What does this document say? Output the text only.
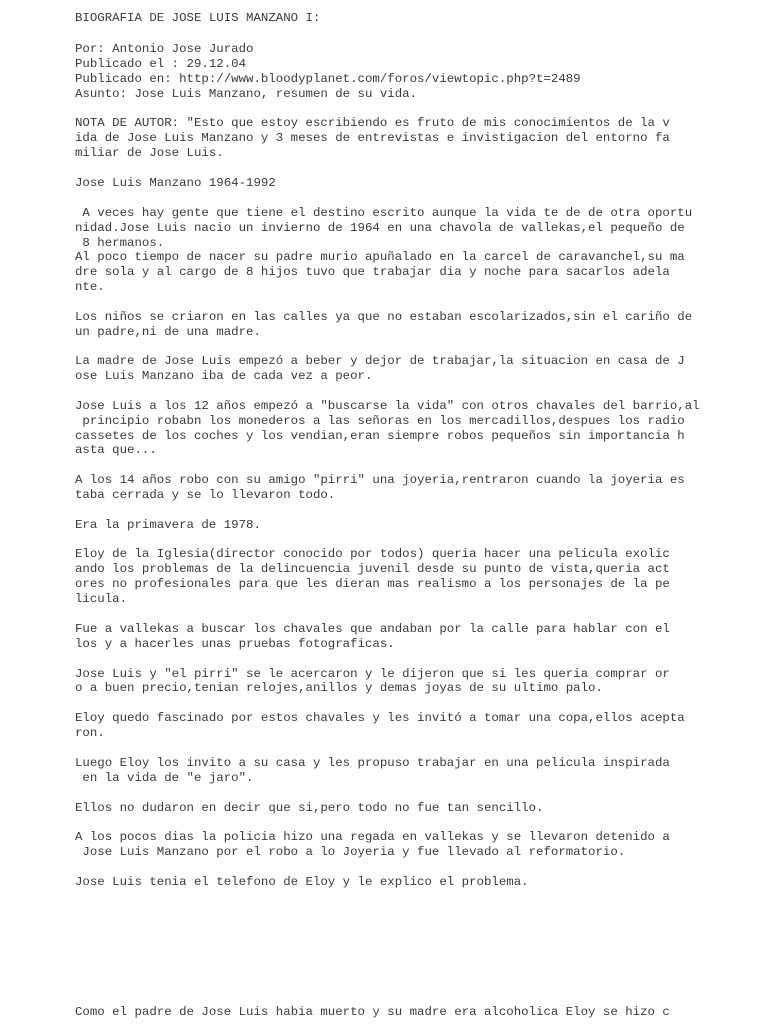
BIOGRAFIA DE JOSE LUIS MANZANO I:

Por: Antonio Jose Jurado

Publicado el : 29.12.04

Publicado en: http://www.bloodyplanet.com/foros/viewtopic.php?t=2489

Asunto: Jose Luis Manzano, resumen de su vida.

NOTA DE AUTOR: "Esto que estoy escribiendo es fruto de mis conocimientos de la v

ida de Jose Luis Manzano y 3 meses de entrevistas e invistigacion del entorno fa

miliar de Jose Luis.

Jose Luis Manzano 1964-1992

A veces hay gente que tiene el destino escrito aunque la vida te de de otra oportu

nidad.Jose Luis nacio un invierno de 1964 en una chavola de vallekas,el pequeño de

8 hermanos.

Al poco tiempo de nacer su padre murio apuñalado en la carcel de caravanchel,su ma

dre sola y al cargo de 8 hijos tuvo que trabajar dia y noche para sacarlos adela

nte.

Los niños se criaron en las calles ya que no estaban escolarizados,sin el cariño de

un padre,ni de una madre.

La madre de Jose Luis empezó a beber y dejor de trabajar,la situacion en casa de J

ose Luis Manzano iba de cada vez a peor.

Jose Luis a los 12 años empezó a "buscarse la vida" con otros chavales del barrio,al

principio robabn los monederos a las señoras en los mercadillos,despues los radio

cassetes de los coches y los vendian,eran siempre robos pequeños sin importancia h

asta que...

A los 14 años robo con su amigo "pirri" una joyeria,rentraron cuando la joyeria es

taba cerrada y se lo llevaron todo.

Era la primavera de 1978.

Eloy de la Iglesia(director conocido por todos) queria hacer una pelicula exolic

ando los problemas de la delincuencia juvenil desde su punto de vista,queria act

ores no profesionales para que les dieran mas realismo a los personajes de la pe

licula.

Fue a vallekas a buscar los chavales que andaban por la calle para hablar con el

los y a hacerles unas pruebas fotograficas.

Jose Luis y "el pirri" se le acercaron y le dijeron que si les queria comprar or

o a buen precio,tenian relojes,anillos y demas joyas de su ultimo palo.

Eloy quedo fascinado por estos chavales y les invitó a tomar una copa,ellos acepta

ron.

Luego Eloy los invito a su casa y les propuso trabajar en una pelicula inspirada

en la vida de "e jaro".

Ellos no dudaron en decir que si,pero todo no fue tan sencillo.

A los pocos dias la policia hizo una regada en vallekas y se llevaron detenido a

Jose Luis Manzano por el robo a lo Joyeria y fue llevado al reformatorio.

Jose Luis tenia el telefono de Eloy y le explico el problema.

Como el padre de Jose Luis habia muerto y su madre era alcoholica Eloy se hizo c
